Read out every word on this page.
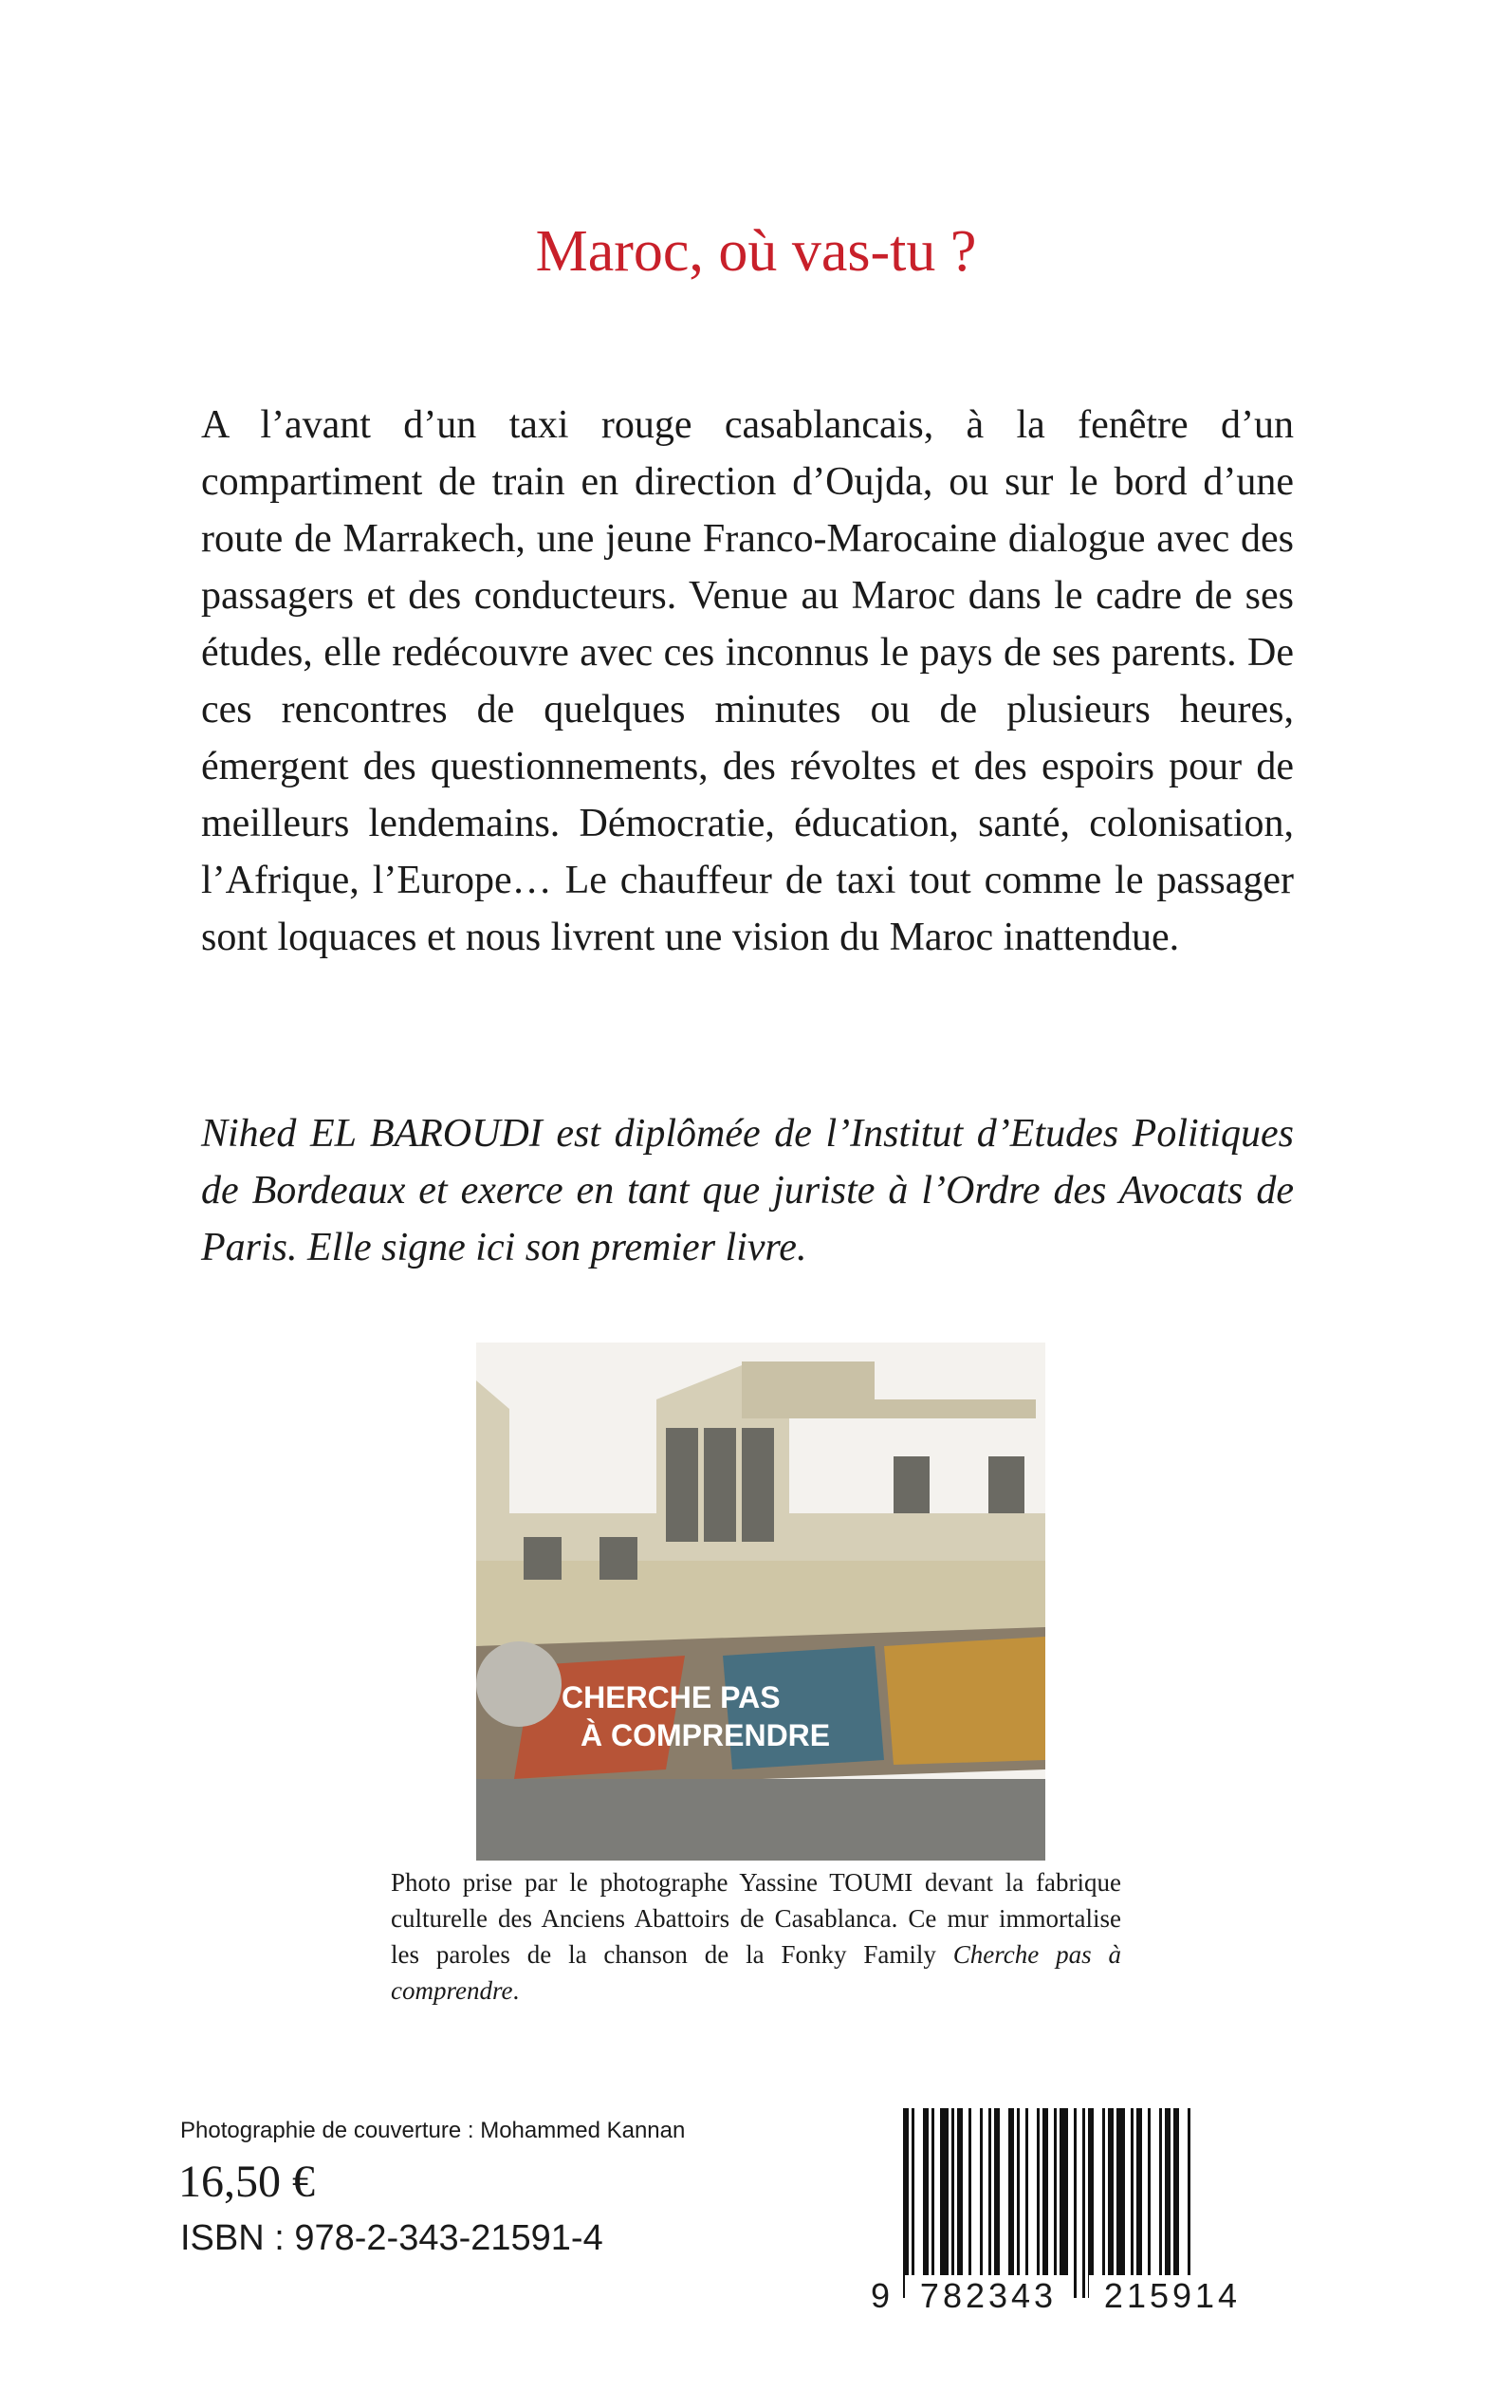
Maroc, où vas-tu ?

A l’avant d’un taxi rouge casablancais, à la fenêtre d’un compartiment de train en direction d’Oujda, ou sur le bord d’une route de Marrakech, une jeune Franco-Marocaine dialogue avec des passagers et des conducteurs. Venue au Maroc dans le cadre de ses études, elle redécouvre avec ces inconnus le pays de ses parents. De ces rencontres de quelques minutes ou de plusieurs heures, émergent des questionnements, des révoltes et des espoirs pour de meilleurs lendemains. Démocratie, éducation, santé, colonisation, l’Afrique, l’Europe… Le chauffeur de taxi tout comme le passager sont loquaces et nous livrent une vision du Maroc inattendue.

Nihed EL BAROUDI est diplômée de l’Institut d’Etudes Politiques de Bordeaux et exerce en tant que juriste à l’Ordre des Avocats de Paris. Elle signe ici son premier livre.

CHERCHE PAS
À COMPRENDRE

Photo prise par le photographe Yassine TOUMI devant la fabrique culturelle des Anciens Abattoirs de Casablanca. Ce mur immortalise les paroles de la chanson de la Fonky Family Cherche pas à comprendre.

Photographie de couverture : Mohammed Kannan
16,50 €
ISBN : 978-2-343-21591-4
9 782343 215914
